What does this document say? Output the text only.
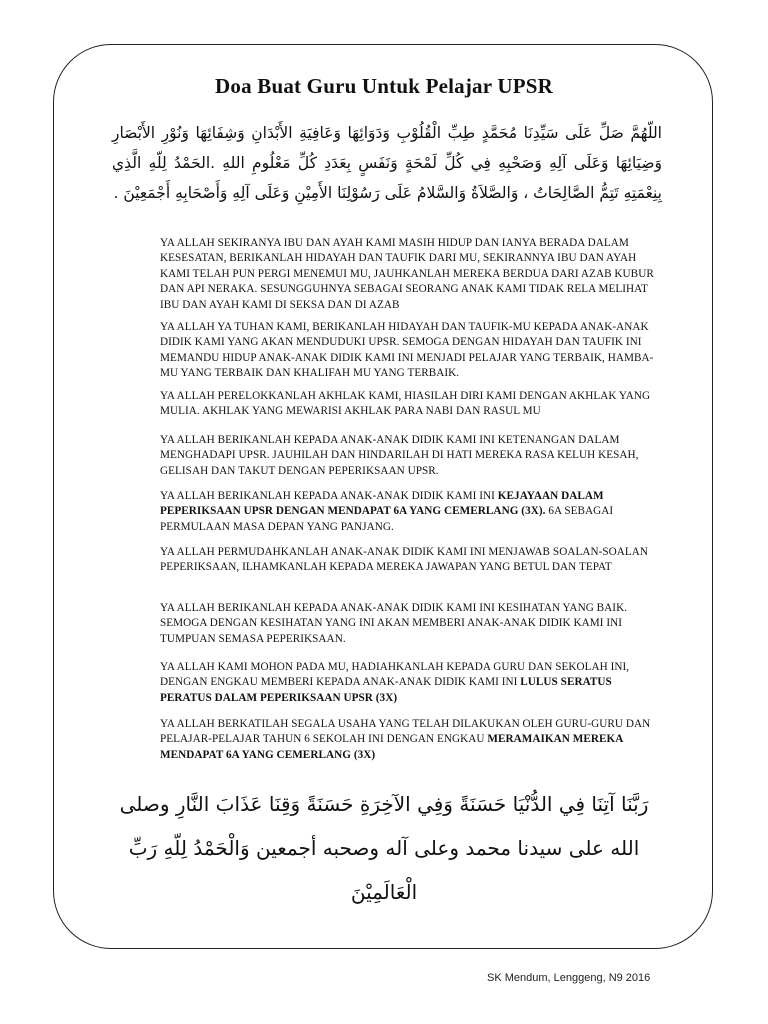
Doa Buat Guru Untuk Pelajar UPSR
اللّهُمَّ صَلِّ عَلَى سَيِّدِنَا مُحَمَّدٍ طِبِّ الْقُلُوْبِ وَدَوَائِهَا وَعَافِيَةِ الأَبْدَانِ وَشِفَائِهَا وَنُوْرِ الأَبْصَارِ وَضِيَائِهَا وَعَلَى آلِهِ وَصَحْبِهِ فِي كُلِّ لَمْحَةٍ وَنَفَسٍ بِعَدَدِ كُلِّ مَعْلُومِ اللهِ .الحَمْدُ لِلّهِ الَّذِي بِنِعْمَتِهِ تَتِمُّ الصَّالِحَاتُ ، وَالصَّلاَةُ وَالسَّلامُ عَلَى رَسُوْلِنَا الأَمِيْنِ وَعَلَى آلِهِ وَأَصْحَابِهِ أَجْمَعِيْنَ .
YA ALLAH SEKIRANYA IBU DAN AYAH KAMI MASIH HIDUP DAN IANYA BERADA DALAM KESESATAN, BERIKANLAH HIDAYAH DAN TAUFIK DARI MU, SEKIRANNYA IBU DAN AYAH KAMI TELAH PUN PERGI MENEMUI MU, JAUHKANLAH MEREKA BERDUA DARI AZAB KUBUR DAN API NERAKA. SESUNGGUHNYA SEBAGAI SEORANG ANAK KAMI TIDAK RELA MELIHAT IBU DAN AYAH KAMI DI SEKSA DAN DI AZAB
YA ALLAH YA TUHAN KAMI, BERIKANLAH HIDAYAH DAN TAUFIK-MU KEPADA ANAK-ANAK DIDIK KAMI YANG AKAN MENDUDUKI UPSR. SEMOGA DENGAN HIDAYAH DAN TAUFIK INI MEMANDU HIDUP ANAK-ANAK DIDIK KAMI INI MENJADI PELAJAR YANG TERBAIK, HAMBA-MU YANG TERBAIK DAN KHALIFAH MU YANG TERBAIK.
YA ALLAH PERELOKKANLAH AKHLAK KAMI, HIASILAH DIRI KAMI DENGAN AKHLAK YANG MULIA. AKHLAK YANG MEWARISI AKHLAK PARA NABI DAN RASUL MU
YA ALLAH BERIKANLAH KEPADA ANAK-ANAK DIDIK KAMI INI KETENANGAN DALAM MENGHADAPI UPSR. JAUHILAH DAN HINDARILAH DI HATI MEREKA RASA KELUH KESAH, GELISAH DAN TAKUT DENGAN PEPERIKSAAN UPSR.
YA ALLAH BERIKANLAH KEPADA ANAK-ANAK DIDIK KAMI INI KEJAYAAN DALAM PEPERIKSAAN UPSR DENGAN MENDAPAT 6A YANG CEMERLANG (3X). 6A SEBAGAI PERMULAAN MASA DEPAN YANG PANJANG.
YA ALLAH PERMUDAHKANLAH ANAK-ANAK DIDIK KAMI INI MENJAWAB SOALAN-SOALAN PEPERIKSAAN, ILHAMKANLAH KEPADA MEREKA JAWAPAN YANG BETUL DAN TEPAT
YA ALLAH BERIKANLAH KEPADA ANAK-ANAK DIDIK KAMI INI KESIHATAN YANG BAIK. SEMOGA DENGAN KESIHATAN YANG INI AKAN MEMBERI ANAK-ANAK DIDIK KAMI INI TUMPUAN SEMASA PEPERIKSAAN.
YA ALLAH KAMI MOHON PADA MU, HADIAHKANLAH KEPADA GURU DAN SEKOLAH INI, DENGAN ENGKAU MEMBERI KEPADA ANAK-ANAK DIDIK KAMI INI LULUS SERATUS PERATUS DALAM PEPERIKSAAN UPSR (3X)
YA ALLAH BERKATILAH SEGALA USAHA YANG TELAH DILAKUKAN OLEH GURU-GURU DAN PELAJAR-PELAJAR TAHUN 6 SEKOLAH INI DENGAN ENGKAU MERAMAIKAN MEREKA MENDAPAT 6A YANG CEMERLANG (3X)
رَبَّنَا آتِنَا فِي الدُّنْيَا حَسَنَةً وَفِي الآخِرَةِ حَسَنَةً وَقِنَا عَذَابَ النَّارِ وصلى الله على سيدنا محمد وعلى آله وصحبه أجمعين وَالْحَمْدُ لِلّهِ رَبِّ الْعَالَمِيْنَ
SK Mendum, Lenggeng, N9 2016
